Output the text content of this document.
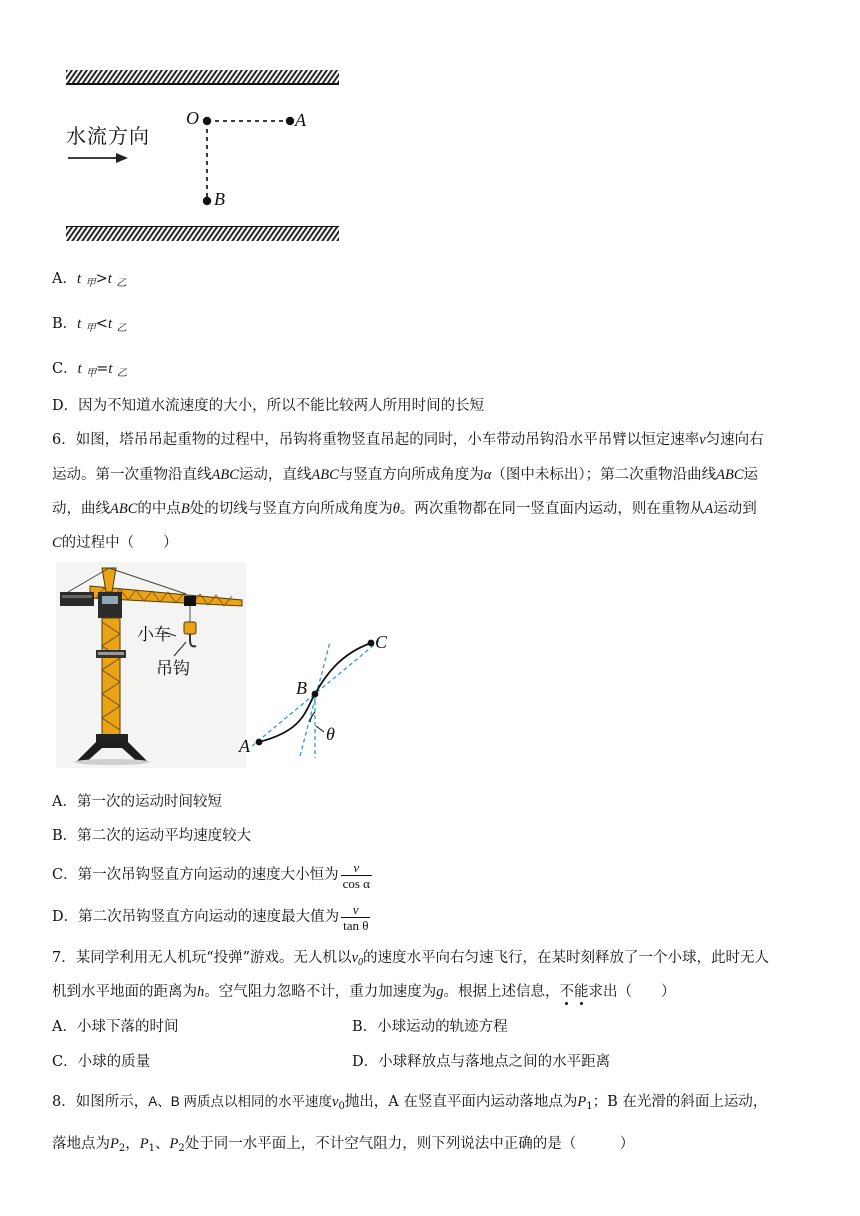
水流方向
O	A
B
A．t $_甲$>t $_乙$
B．t $_甲$<t $_乙$
C．t $_甲$=t $_乙$
D．因为不知道水流速度的大小，所以不能比较两人所用时间的长短
6．如图，塔吊吊起重物的过程中，吊钩将重物竖直吊起的同时，小车带动吊钩沿水平吊臂以恒定速率v匀速向右
运动。第一次重物沿直线ABC运动，直线ABC与竖直方向所成角度为α（图中未标出）；第二次重物沿曲线ABC运
动，曲线ABC的中点B处的切线与竖直方向所成角度为θ。两次重物都在同一竖直面内运动，则在重物从A运动到
C的过程中（　　）
小车
吊钩
A
B
C
θ
A．第一次的运动时间较短
B．第二次的运动平均速度较大
C．第一次吊钩竖直方向运动的速度大小恒为 $\frac{v}{\text{cos α}}$
D．第二次吊钩竖直方向运动的速度最大值为 $\frac{v}{\text{tan θ}}$
7．某同学利用无人机玩“投弹”游戏。无人机以$v_0$的速度水平向右匀速飞行，在某时刻释放了一个小球，此时无人
机到水平地面的距离为h。空气阻力忽略不计，重力加速度为g。根据上述信息，不能求出（　　）
A．小球下落的时间	B．小球运动的轨迹方程
C．小球的质量	D．小球释放点与落地点之间的水平距离
8．如图所示，A、B 两质点以相同的水平速度$v_0$抛出，A 在竖直平面内运动落地点为$P_1$；B 在光滑的斜面上运动，
落地点为$P_2$，$P_1$、$P_2$处于同一水平面上，不计空气阻力，则下列说法中正确的是（　　　）
